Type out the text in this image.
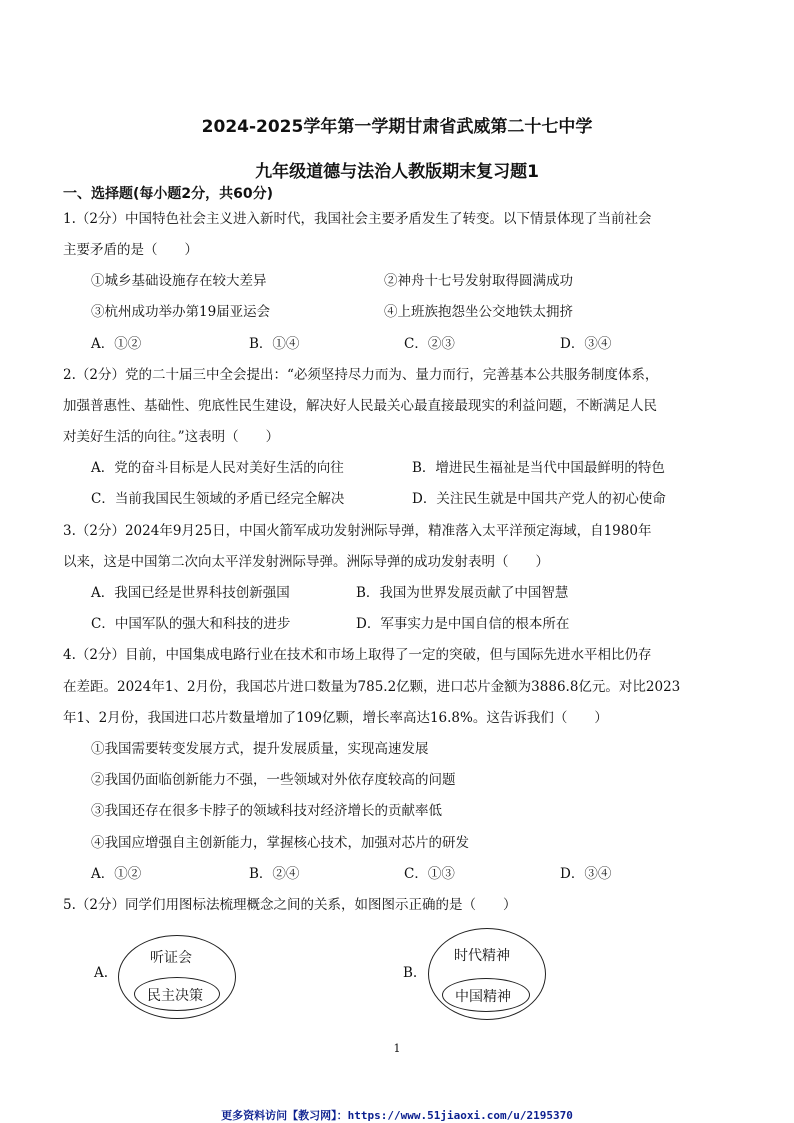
2024-2025学年第一学期甘肃省武威第二十七中学
九年级道德与法治人教版期末复习题1
一、选择题(每小题2分，共60分)
1.（2分）中国特色社会主义进入新时代，我国社会主要矛盾发生了转变。以下情景体现了当前社会
主要矛盾的是（　　）
①城乡基础设施存在较大差异	②神舟十七号发射取得圆满成功
③杭州成功举办第19届亚运会	④上班族抱怨坐公交地铁太拥挤
A．①②	B．①④	C．②③	D．③④
2.（2分）党的二十届三中全会提出：“必须坚持尽力而为、量力而行，完善基本公共服务制度体系，
加强普惠性、基础性、兜底性民生建设，解决好人民最关心最直接最现实的利益问题，不断满足人民
对美好生活的向往。”这表明（　　）
A．党的奋斗目标是人民对美好生活的向往	B．增进民生福祉是当代中国最鲜明的特色
C．当前我国民生领域的矛盾已经完全解决	D．关注民生就是中国共产党人的初心使命
3.（2分）2024年9月25日，中国火箭军成功发射洲际导弹，精准落入太平洋预定海域，自1980年
以来，这是中国第二次向太平洋发射洲际导弹。洲际导弹的成功发射表明（　　）
A．我国已经是世界科技创新强国	B．我国为世界发展贡献了中国智慧
C．中国军队的强大和科技的进步	D．军事实力是中国自信的根本所在
4.（2分）目前，中国集成电路行业在技术和市场上取得了一定的突破，但与国际先进水平相比仍存
在差距。2024年1、2月份，我国芯片进口数量为785.2亿颗，进口芯片金额为3886.8亿元。对比2023
年1、2月份，我国进口芯片数量增加了109亿颗，增长率高达16.8%。这告诉我们（　　）
①我国需要转变发展方式，提升发展质量，实现高速发展
②我国仍面临创新能力不强，一些领域对外依存度较高的问题
③我国还存在很多卡脖子的领域科技对经济增长的贡献率低
④我国应增强自主创新能力，掌握核心技术，加强对芯片的研发
A．①②	B．②④	C．①③	D．③④
5.（2分）同学们用图标法梳理概念之间的关系，如图图示正确的是（　　）
A.
听证会
民主决策
B.
时代精神
中国精神
1
更多资料访问【教习网】：https://www.51jiaoxi.com/u/2195370
